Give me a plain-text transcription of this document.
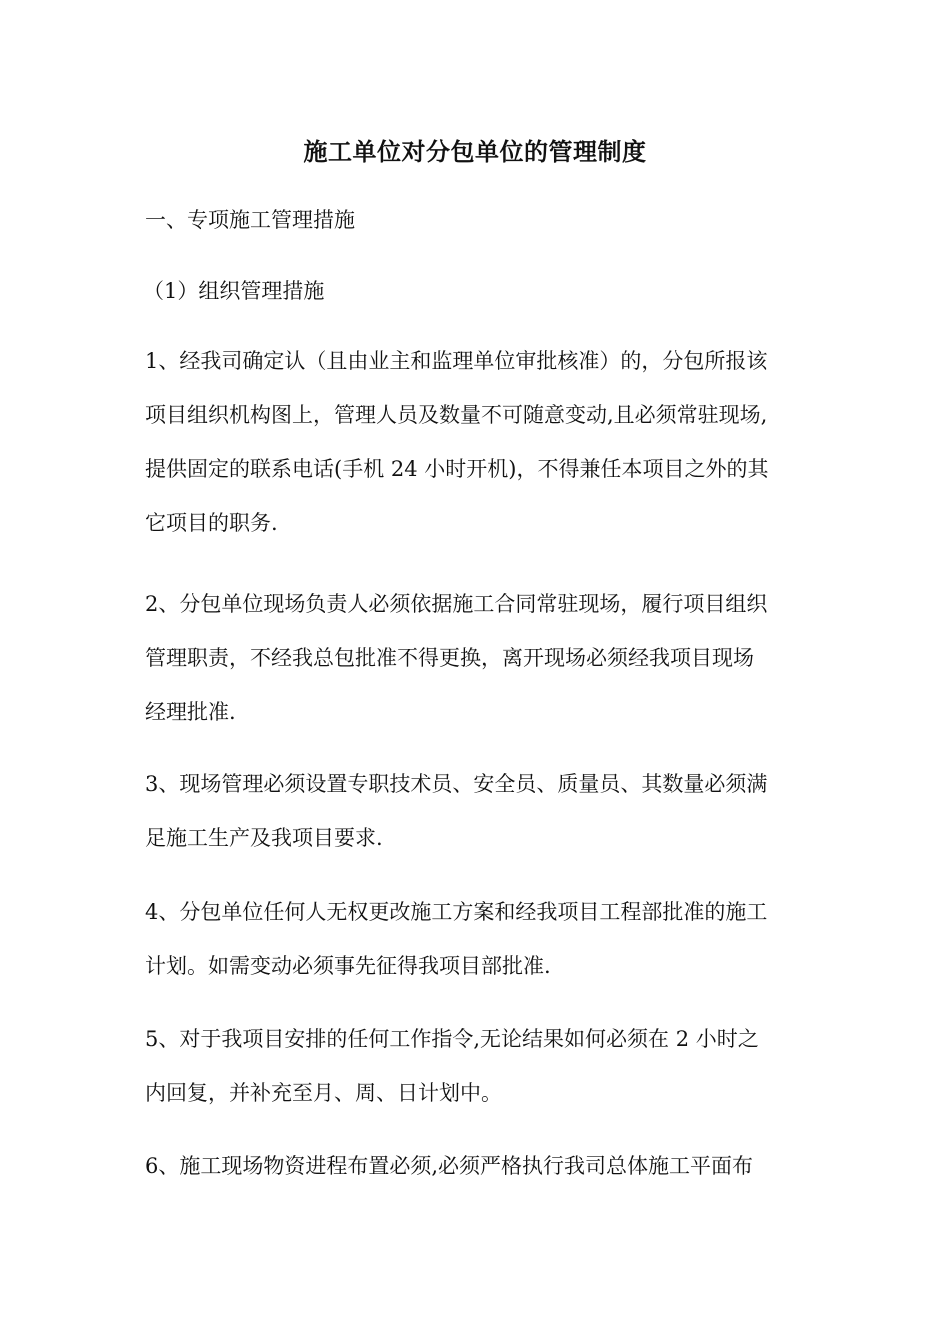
施工单位对分包单位的管理制度
一、专项施工管理措施
（1）组织管理措施
1、经我司确定认（且由业主和监理单位审批核准）的，分包所报该
项目组织机构图上，管理人员及数量不可随意变动,且必须常驻现场,
提供固定的联系电话(手机 24 小时开机)，不得兼任本项目之外的其
它项目的职务.
2、分包单位现场负责人必须依据施工合同常驻现场，履行项目组织
管理职责，不经我总包批准不得更换，离开现场必须经我项目现场
经理批准.
3、现场管理必须设置专职技术员、安全员、质量员、其数量必须满
足施工生产及我项目要求.
4、分包单位任何人无权更改施工方案和经我项目工程部批准的施工
计划。如需变动必须事先征得我项目部批准.
5、对于我项目安排的任何工作指令,无论结果如何必须在 2 小时之
内回复，并补充至月、周、日计划中。
6、施工现场物资进程布置必须,必须严格执行我司总体施工平面布
